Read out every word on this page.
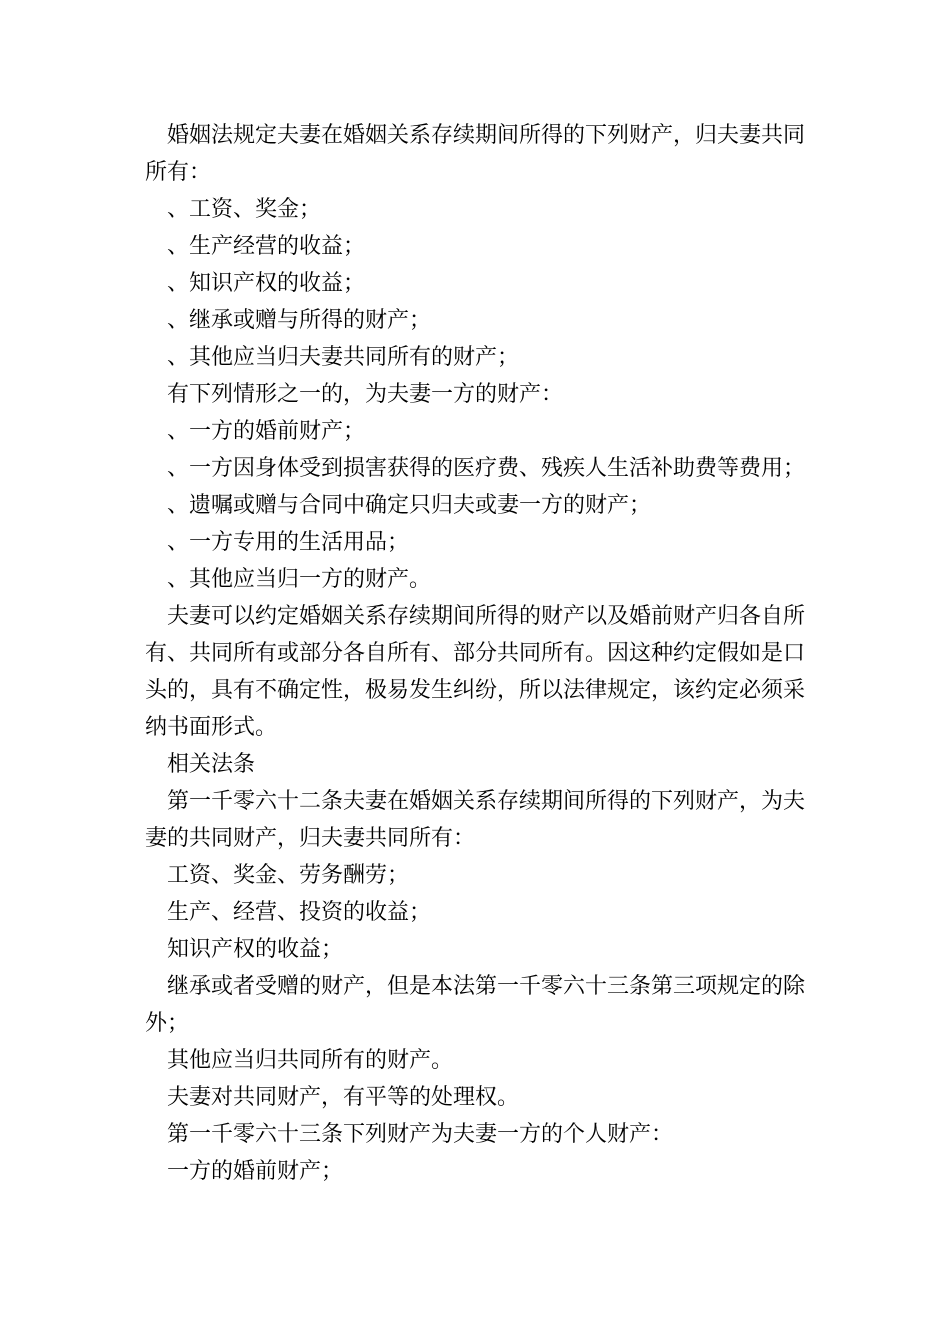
婚姻法规定夫妻在婚姻关系存续期间所得的下列财产，归夫妻共同所有：

、工资、奖金；

、生产经营的收益；

、知识产权的收益；

、继承或赠与所得的财产；

、其他应当归夫妻共同所有的财产；

有下列情形之一的，为夫妻一方的财产：

、一方的婚前财产；

、一方因身体受到损害获得的医疗费、残疾人生活补助费等费用；

、遗嘱或赠与合同中确定只归夫或妻一方的财产；

、一方专用的生活用品；

、其他应当归一方的财产。

夫妻可以约定婚姻关系存续期间所得的财产以及婚前财产归各自所有、共同所有或部分各自所有、部分共同所有。因这种约定假如是口头的，具有不确定性，极易发生纠纷，所以法律规定，该约定必须采纳书面形式。

相关法条

第一千零六十二条夫妻在婚姻关系存续期间所得的下列财产，为夫妻的共同财产，归夫妻共同所有：

工资、奖金、劳务酬劳；

生产、经营、投资的收益；

知识产权的收益；

继承或者受赠的财产，但是本法第一千零六十三条第三项规定的除外；

其他应当归共同所有的财产。

夫妻对共同财产，有平等的处理权。

第一千零六十三条下列财产为夫妻一方的个人财产：

一方的婚前财产；
